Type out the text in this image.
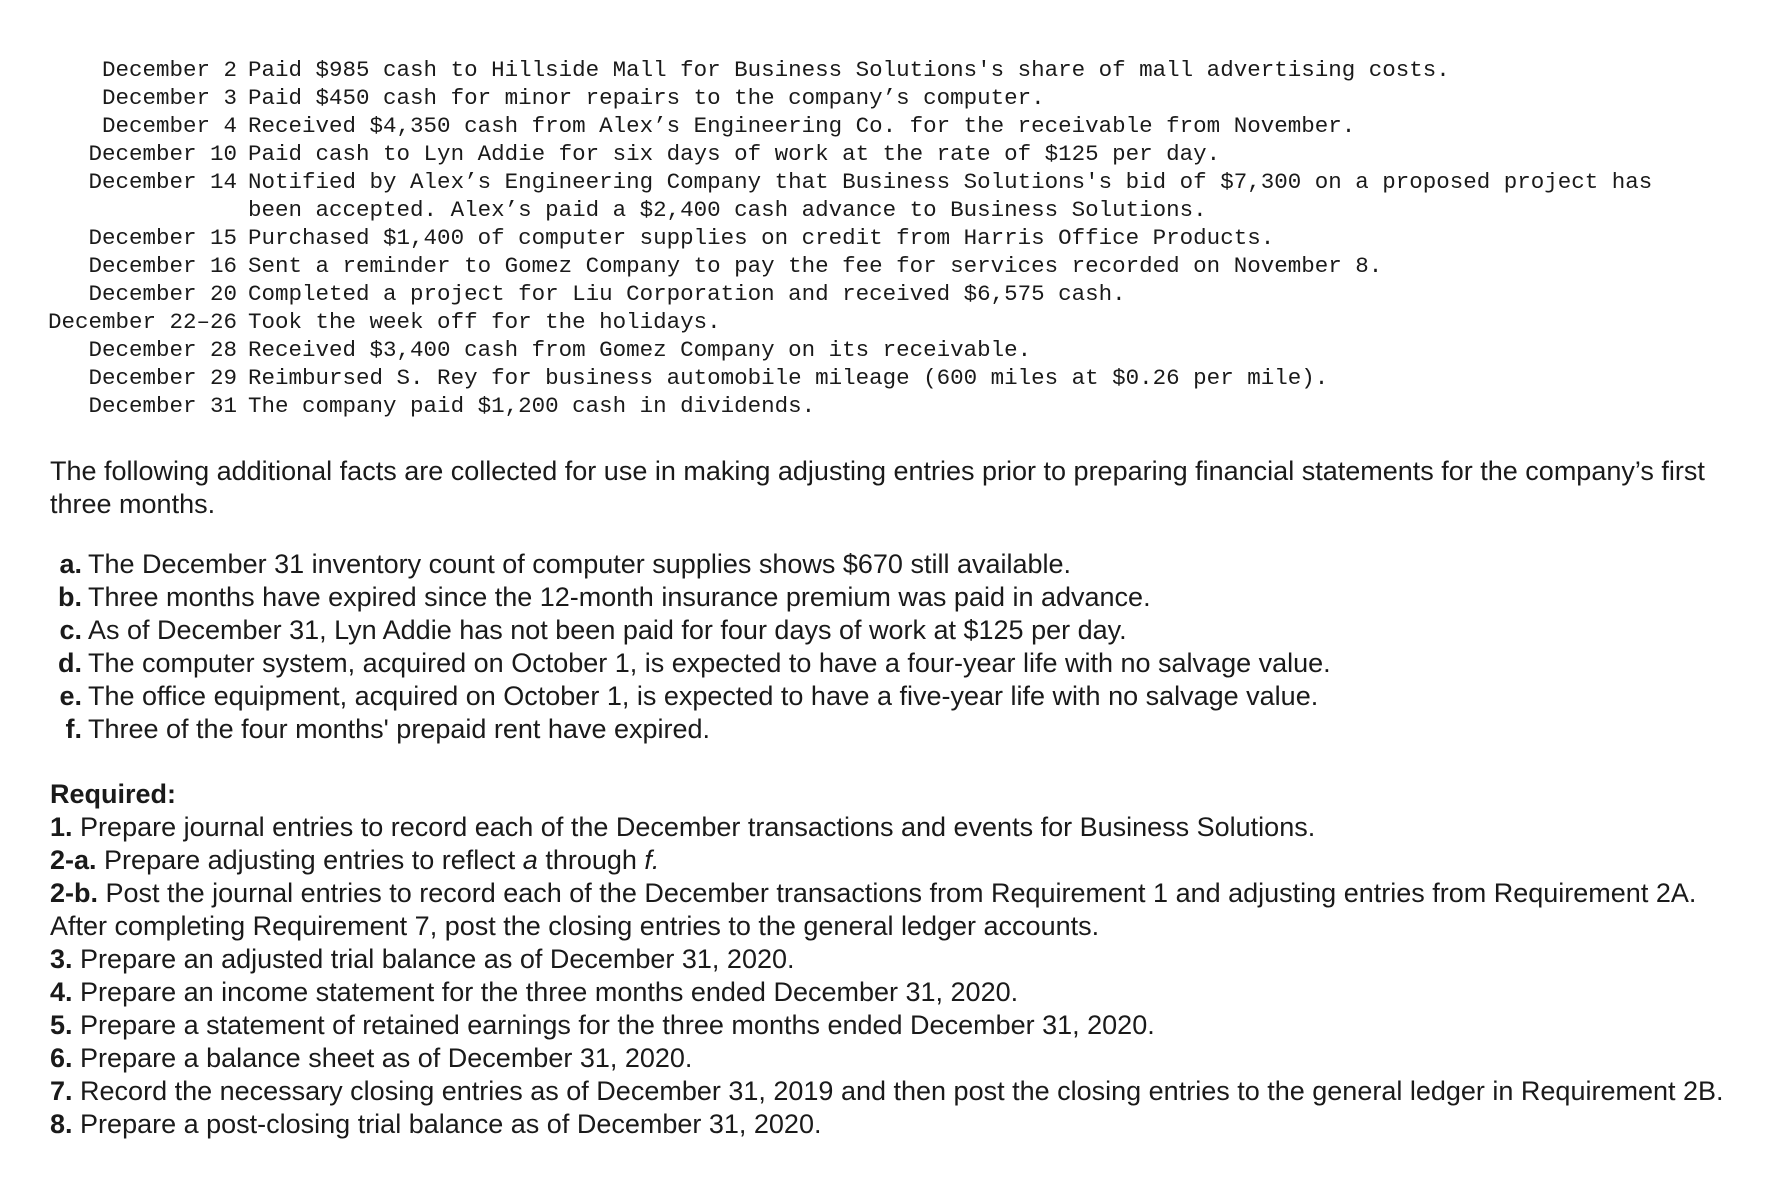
December 2	Paid $985 cash to Hillside Mall for Business Solutions's share of mall advertising costs.
December 3	Paid $450 cash for minor repairs to the company’s computer.
December 4	Received $4,350 cash from Alex’s Engineering Co. for the receivable from November.
December 10	Paid cash to Lyn Addie for six days of work at the rate of $125 per day.
December 14	Notified by Alex’s Engineering Company that Business Solutions's bid of $7,300 on a proposed project has
	been accepted. Alex’s paid a $2,400 cash advance to Business Solutions.
December 15	Purchased $1,400 of computer supplies on credit from Harris Office Products.
December 16	Sent a reminder to Gomez Company to pay the fee for services recorded on November 8.
December 20	Completed a project for Liu Corporation and received $6,575 cash.
December 22–26	Took the week off for the holidays.
December 28	Received $3,400 cash from Gomez Company on its receivable.
December 29	Reimbursed S. Rey for business automobile mileage (600 miles at $0.26 per mile).
December 31	The company paid $1,200 cash in dividends.

The following additional facts are collected for use in making adjusting entries prior to preparing financial statements for the company’s first three months.

a. The December 31 inventory count of computer supplies shows $670 still available.
b. Three months have expired since the 12-month insurance premium was paid in advance.
c. As of December 31, Lyn Addie has not been paid for four days of work at $125 per day.
d. The computer system, acquired on October 1, is expected to have a four-year life with no salvage value.
e. The office equipment, acquired on October 1, is expected to have a five-year life with no salvage value.
f. Three of the four months' prepaid rent have expired.

Required:

1. Prepare journal entries to record each of the December transactions and events for Business Solutions.
2-a. Prepare adjusting entries to reflect a through f.
2-b. Post the journal entries to record each of the December transactions from Requirement 1 and adjusting entries from Requirement 2A. After completing Requirement 7, post the closing entries to the general ledger accounts.
3. Prepare an adjusted trial balance as of December 31, 2020.
4. Prepare an income statement for the three months ended December 31, 2020.
5. Prepare a statement of retained earnings for the three months ended December 31, 2020.
6. Prepare a balance sheet as of December 31, 2020.
7. Record the necessary closing entries as of December 31, 2019 and then post the closing entries to the general ledger in Requirement 2B.
8. Prepare a post-closing trial balance as of December 31, 2020.
